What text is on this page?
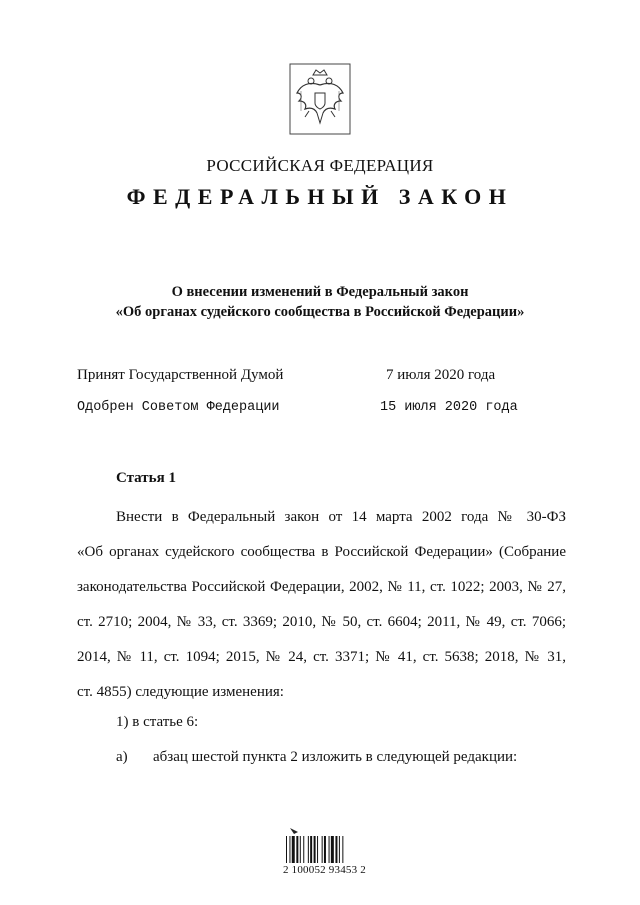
РОССИЙСКАЯ ФЕДЕРАЦИЯ
ФЕДЕРАЛЬНЫЙ ЗАКОН
О внесении изменений в Федеральный закон
«Об органах судейского сообщества в Российской Федерации»
Принят Государственной Думой	7 июля 2020 года
Одобрен Советом Федерации	15 июля 2020 года
Статья 1
Внести в Федеральный закон от 14 марта 2002 года № 30-ФЗ
«Об органах судейского сообщества в Российской Федерации» (Собрание
законодательства Российской Федерации, 2002, № 11, ст. 1022; 2003, № 27,
ст. 2710; 2004, № 33, ст. 3369; 2010, № 50, ст. 6604; 2011, № 49, ст. 7066;
2014, № 11, ст. 1094; 2015, № 24, ст. 3371; № 41, ст. 5638; 2018, № 31,
ст. 4855) следующие изменения:
1) в статье 6:
а) абзац шестой пункта 2 изложить в следующей редакции:
2 100052 93453 2
